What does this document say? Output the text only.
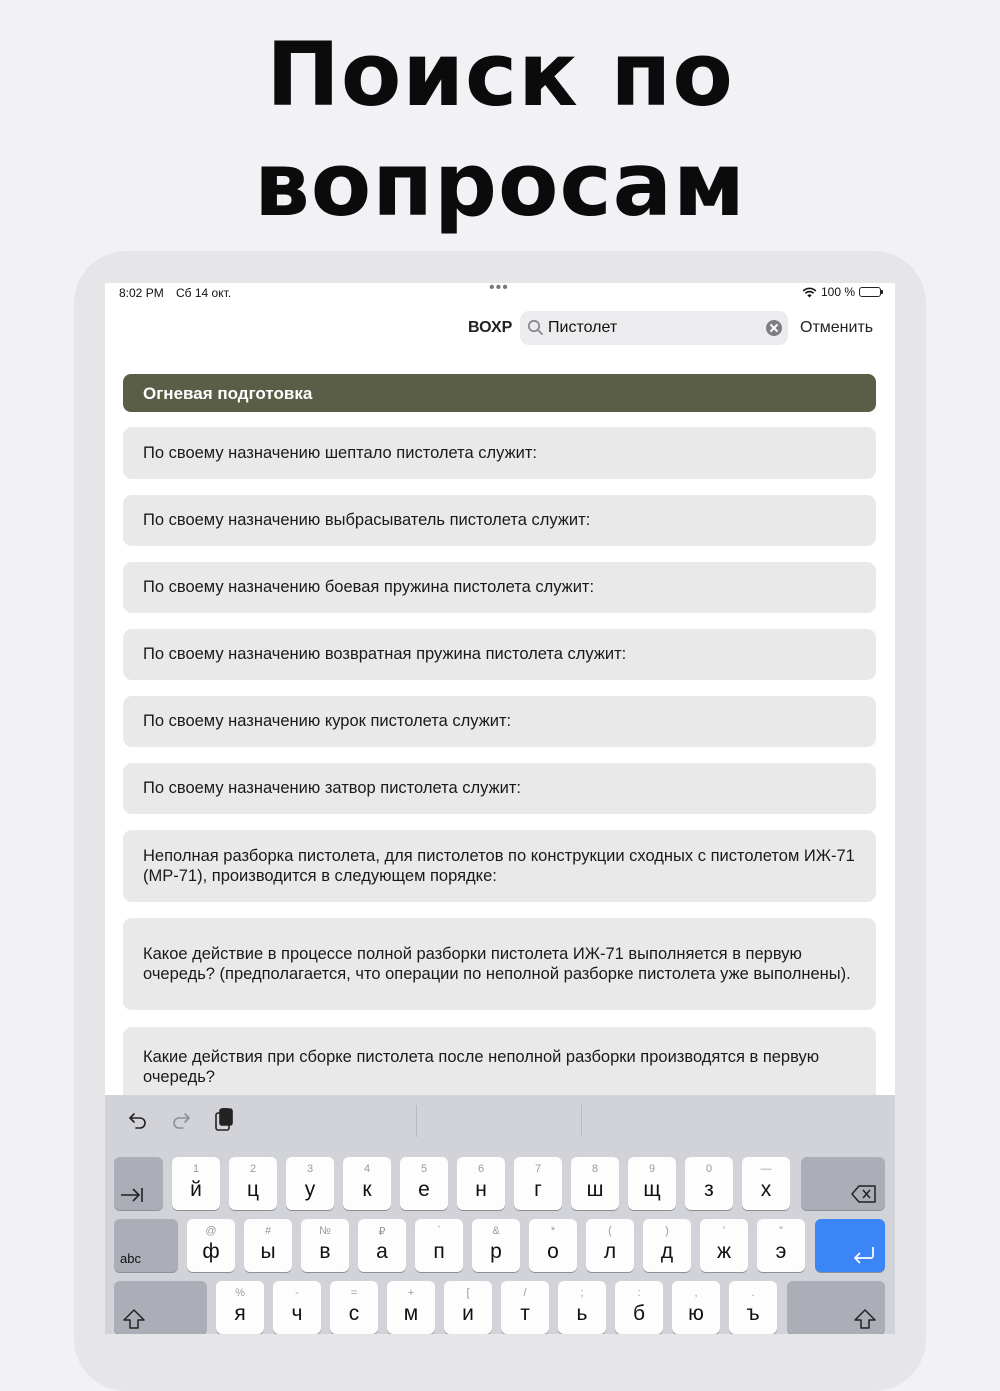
Поиск по
вопросам
8:02 PM Сб 14 окт.	•••	100 %
ВОХР
Пистолет	Отменить
Огневая подготовка
По своему назначению шептало пистолета служит:
По своему назначению выбрасыватель пистолета служит:
По своему назначению боевая пружина пистолета служит:
По своему назначению возвратная пружина пистолета служит:
По своему назначению курок пистолета служит:
По своему назначению затвор пистолета служит:
Неполная разборка пистолета, для пистолетов по конструкции сходных с пистолетом ИЖ-71 (МР-71), производится в следующем порядке:
Какое действие в процессе полной разборки пистолета ИЖ-71 выполняется в первую очередь? (предполагается, что операции по неполной разборке пистолета уже выполнены).
Какие действия при сборке пистолета после неполной разборки производятся в первую очередь?
1
й
2
ц
3
у
4
к
5
е
6
н
7
г
8
ш
9
щ
0
з
—
х
abc
@
ф
#
ы
№
в
₽
а
ˊ
п
&
р
*
о
(
л
)
д
’
ж
”
э
%
я
-
ч
=
с
+
м
[
и
/
т
;
ь
:
б
,
ю
.
ъ
